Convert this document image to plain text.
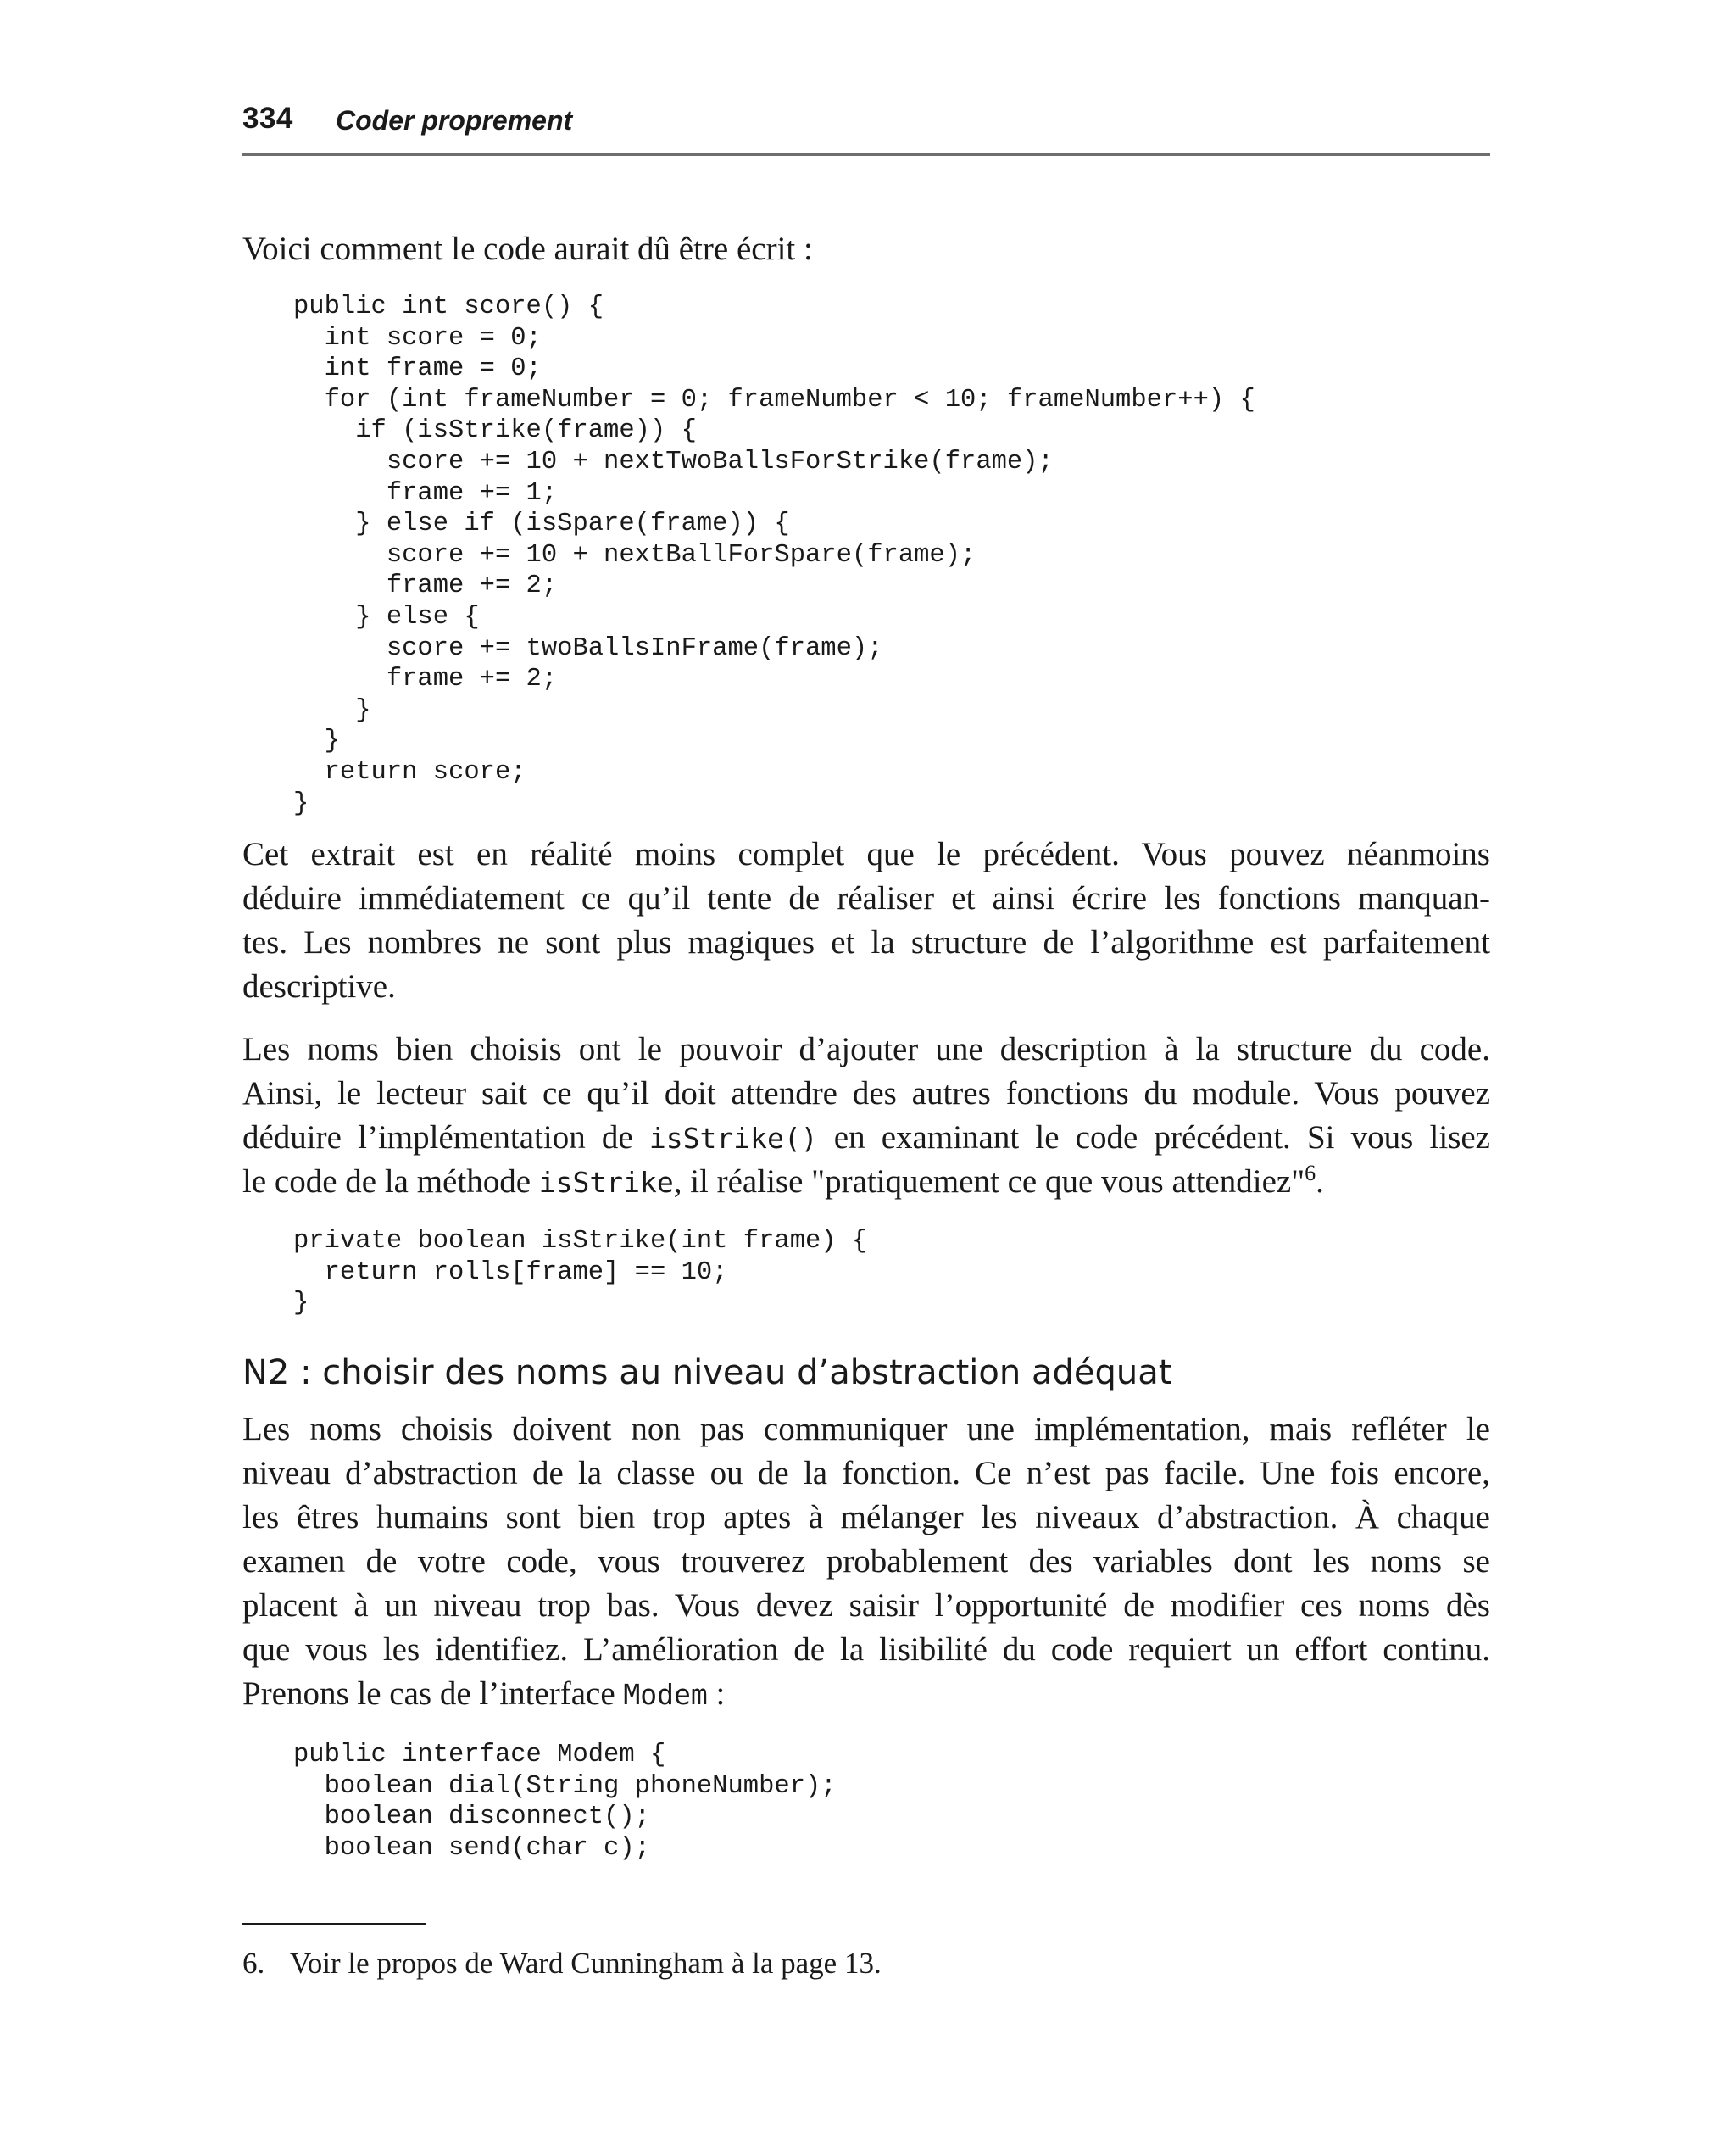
334 Coder proprement

Voici comment le code aurait dû être écrit :

public int score() {
int score = 0;
int frame = 0;
for (int frameNumber = 0; frameNumber < 10; frameNumber++) {
if (isStrike(frame)) {
score += 10 + nextTwoBallsForStrike(frame);
frame += 1;
} else if (isSpare(frame)) {
score += 10 + nextBallForSpare(frame);
frame += 2;
} else {
score += twoBallsInFrame(frame);
frame += 2;
}
}
return score;
}

Cet extrait est en réalité moins complet que le précédent. Vous pouvez néanmoins
déduire immédiatement ce qu’il tente de réaliser et ainsi écrire les fonctions manquan-
tes. Les nombres ne sont plus magiques et la structure de l’algorithme est parfaitement
descriptive.

Les noms bien choisis ont le pouvoir d’ajouter une description à la structure du code.
Ainsi, le lecteur sait ce qu’il doit attendre des autres fonctions du module. Vous pouvez
déduire l’implémentation de isStrike() en examinant le code précédent. Si vous lisez
le code de la méthode isStrike, il réalise "pratiquement ce que vous attendiez"$^6$.

private boolean isStrike(int frame) {
return rolls[frame] == 10;
}
N2 : choisir des noms au niveau d’abstraction adéquat

Les noms choisis doivent non pas communiquer une implémentation, mais refléter le
niveau d’abstraction de la classe ou de la fonction. Ce n’est pas facile. Une fois encore,
les êtres humains sont bien trop aptes à mélanger les niveaux d’abstraction. À chaque
examen de votre code, vous trouverez probablement des variables dont les noms se
placent à un niveau trop bas. Vous devez saisir l’opportunité de modifier ces noms dès
que vous les identifiez. L’amélioration de la lisibilité du code requiert un effort continu.
Prenons le cas de l’interface Modem :

public interface Modem {
boolean dial(String phoneNumber);
boolean disconnect();
boolean send(char c);
6. Voir le propos de Ward Cunningham à la page 13.
